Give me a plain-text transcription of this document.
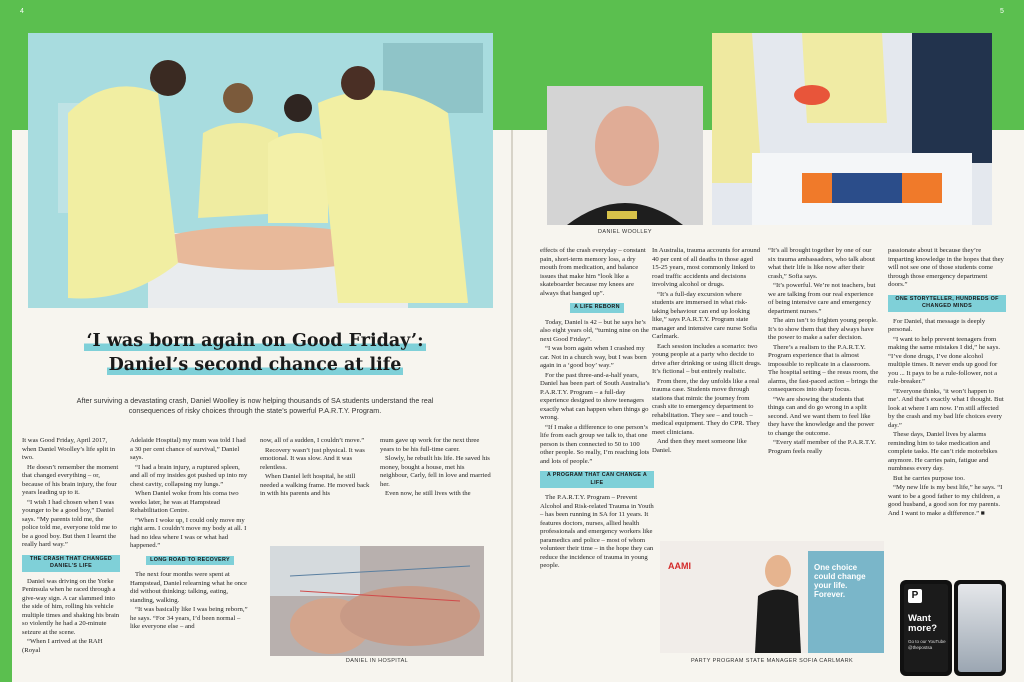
4	5
‘I was born again on Good Friday’:
Daniel’s second chance at life
After surviving a devastating crash, Daniel Woolley is now helping thousands of SA students understand the real consequences of risky choices through the state’s powerful P.A.R.T.Y. Program.

It was Good Friday, April 2017, when Daniel Woolley’s life split in two.

He doesn’t remember the moment that changed everything – or, because of his brain injury, the four years leading up to it.

“I wish I had chosen when I was younger to be a good boy,” Daniel says. “My parents told me, the police told me, everyone told me to be a good boy. But then I learnt the really hard way.”

THE CRASH THAT CHANGED DANIEL’S LIFE

Daniel was driving on the Yorke Peninsula when he raced through a give-way sign. A car slammed into the side of him, rolling his vehicle multiple times and shaking his brain so violently he had a 20-minute seizure at the scene.

“When I arrived at the RAH (Royal

Adelaide Hospital) my mum was told I had a 30 per cent chance of survival,” Daniel says.

“I had a brain injury, a ruptured spleen, and all of my insides got pushed up into my chest cavity, collapsing my lungs.”

When Daniel woke from his coma two weeks later, he was at Hampstead Rehabilitation Centre.

“When I woke up, I could only move my right arm. I couldn’t move my body at all. I had no idea where I was or what had happened.”

LONG ROAD TO RECOVERY

The next four months were spent at Hampstead, Daniel relearning what he once did without thinking: talking, eating, standing, walking.

“It was basically like I was being reborn,” he says. “For 34 years, I’d been normal – like everyone else – and

now, all of a sudden, I couldn’t move.”

Recovery wasn’t just physical. It was emotional. It was slow. And it was relentless.

When Daniel left hospital, he still needed a walking frame. He moved back in with his parents and his

mum gave up work for the next three years to be his full-time carer.

Slowly, he rebuilt his life. He saved his money, bought a house, met his neighbour, Carly, fell in love and married her.

Even now, he still lives with the

DANIEL IN HOSPITAL
DANIEL WOOLLEY

effects of the crash everyday – constant pain, short-term memory loss, a dry mouth from medication, and balance issues that make him “look like a skateboarder because my knees are always that banged up”.

A LIFE REBORN

Today, Daniel is 42 – but he says he’s also eight years old, “turning nine on the next Good Friday”.

“I was born again when I crashed my car. Not in a church way, but I was born again in a ‘good boy’ way.”

For the past three-and-a-half years, Daniel has been part of South Australia’s P.A.R.T.Y. Program – a full-day experience designed to show teenagers exactly what can happen when things go wrong.

“If I make a difference to one person’s life from each group we talk to, that one person is then connected to 50 to 100 other people. So really, I’m reaching lots and lots of people.”

A PROGRAM THAT CAN CHANGE A LIFE

The P.A.R.T.Y. Program – Prevent Alcohol and Risk-related Trauma in Youth – has been running in SA for 11 years. It features doctors, nurses, allied health professionals and emergency workers like paramedics and police – most of whom volunteer their time – in the hope they can reduce the incidence of trauma in young people.

In Australia, trauma accounts for around 40 per cent of all deaths in those aged 15-25 years, most commonly linked to road traffic accidents and decisions involving alcohol or drugs.

“It’s a full-day excursion where students are immersed in what risk-taking behaviour can end up looking like,” says P.A.R.T.Y. Program state manager and intensive care nurse Sofia Carlmark.

Each session includes a scenario: two young people at a party who decide to drive after drinking or using illicit drugs. It’s fictional – but entirely realistic.

From there, the day unfolds like a real trauma case. Students move through stations that mimic the journey from crash site to emergency department to rehabilitation. They see – and touch – medical equipment. They do CPR. They meet clinicians.

And then they meet someone like Daniel.

“It’s all brought together by one of our six trauma ambassadors, who talk about what their life is like now after their crash,” Sofia says.

“It’s powerful. We’re not teachers, but we are talking from our real experience of being intensive care and emergency department nurses.”

The aim isn’t to frighten young people. It’s to show them that they always have the power to make a safer decision.

There’s a realism to the P.A.R.T.Y. Program experience that is almost impossible to replicate in a classroom. The hospital setting – the resus room, the alarms, the fast-paced action – brings the consequences into sharp focus.

“We are showing the students that things can and do go wrong in a split second. And we want them to feel like they have the knowledge and the power to change the outcome.

“Every staff member of the P.A.R.T.Y. Program feels really

passionate about it because they’re imparting knowledge in the hopes that they will not see one of those students come through those emergency department doors.”

ONE STORYTELLER, HUNDREDS OF CHANGED MINDS

For Daniel, that message is deeply personal.

“I want to help prevent teenagers from making the same mistakes I did,” he says. “I’ve done drugs, I’ve done alcohol multiple times. It never ends up good for you ... It pays to be a rule-follower, not a rule-breaker.”

“Everyone thinks, ‘it won’t happen to me’. And that’s exactly what I thought. But look at where I am now. I’m still affected by the crash and my bad life choices every day.”

These days, Daniel lives by alarms reminding him to take medication and complete tasks. He can’t ride motorbikes anymore. He carries pain, fatigue and numbness every day.

But he carries purpose too.

“My new life is my best life,” he says. “I want to be a good father to my children, a good husband, a good son for my parents. And I want to make a difference.” ■

AAMI	One choice could change your life. Forever.
PARTY PROGRAM STATE MANAGER SOFIA CARLMARK
P
Want more?
Go to our YouTube @thepostsa
